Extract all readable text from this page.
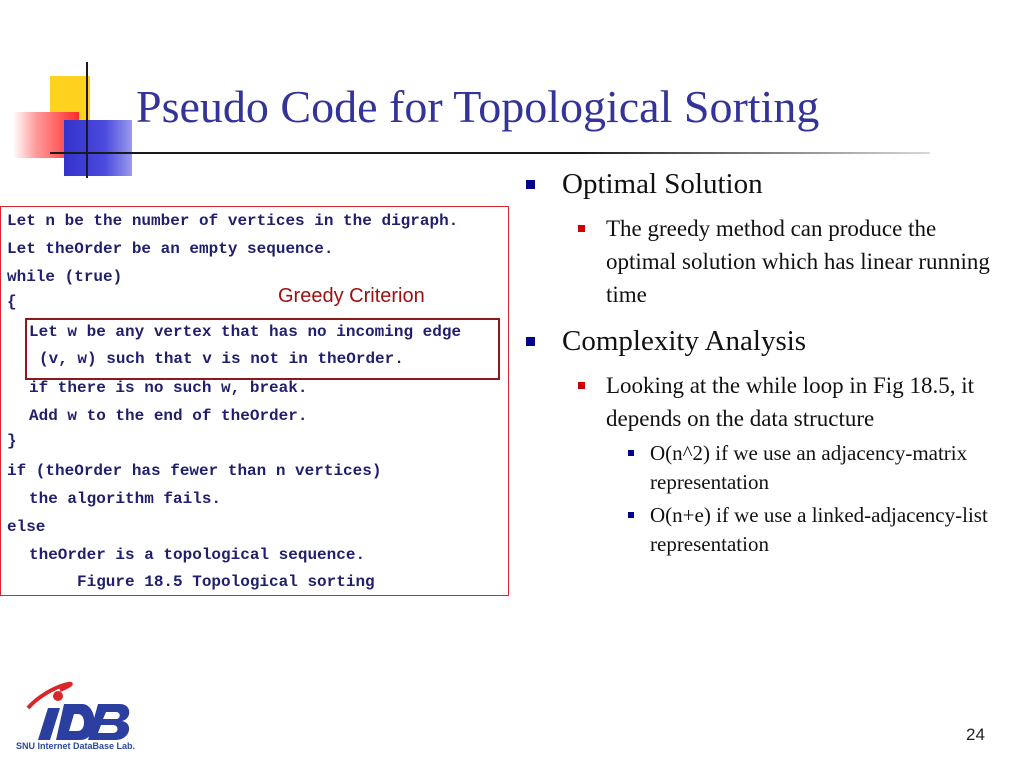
Pseudo Code for Topological Sorting
Let n be the number of vertices in the digraph.
Let theOrder be an empty sequence.
while (true)
{
Let w be any vertex that has no incoming edge
(v, w) such that v is not in theOrder.
if there is no such w, break.
Add w to the end of theOrder.
}
if (theOrder has fewer than n vertices)
the algorithm fails.
else
theOrder is a topological sequence.
Figure 18.5 Topological sorting
Greedy Criterion
Optimal Solution
The greedy method can produce the optimal solution which has linear running time
Complexity Analysis
Looking at the while loop in Fig 18.5, it depends on the data structure
O(n^2) if we use an adjacency-matrix representation
O(n+e) if we use a linked-adjacency-list representation
SNU Internet DataBase Lab.
24
